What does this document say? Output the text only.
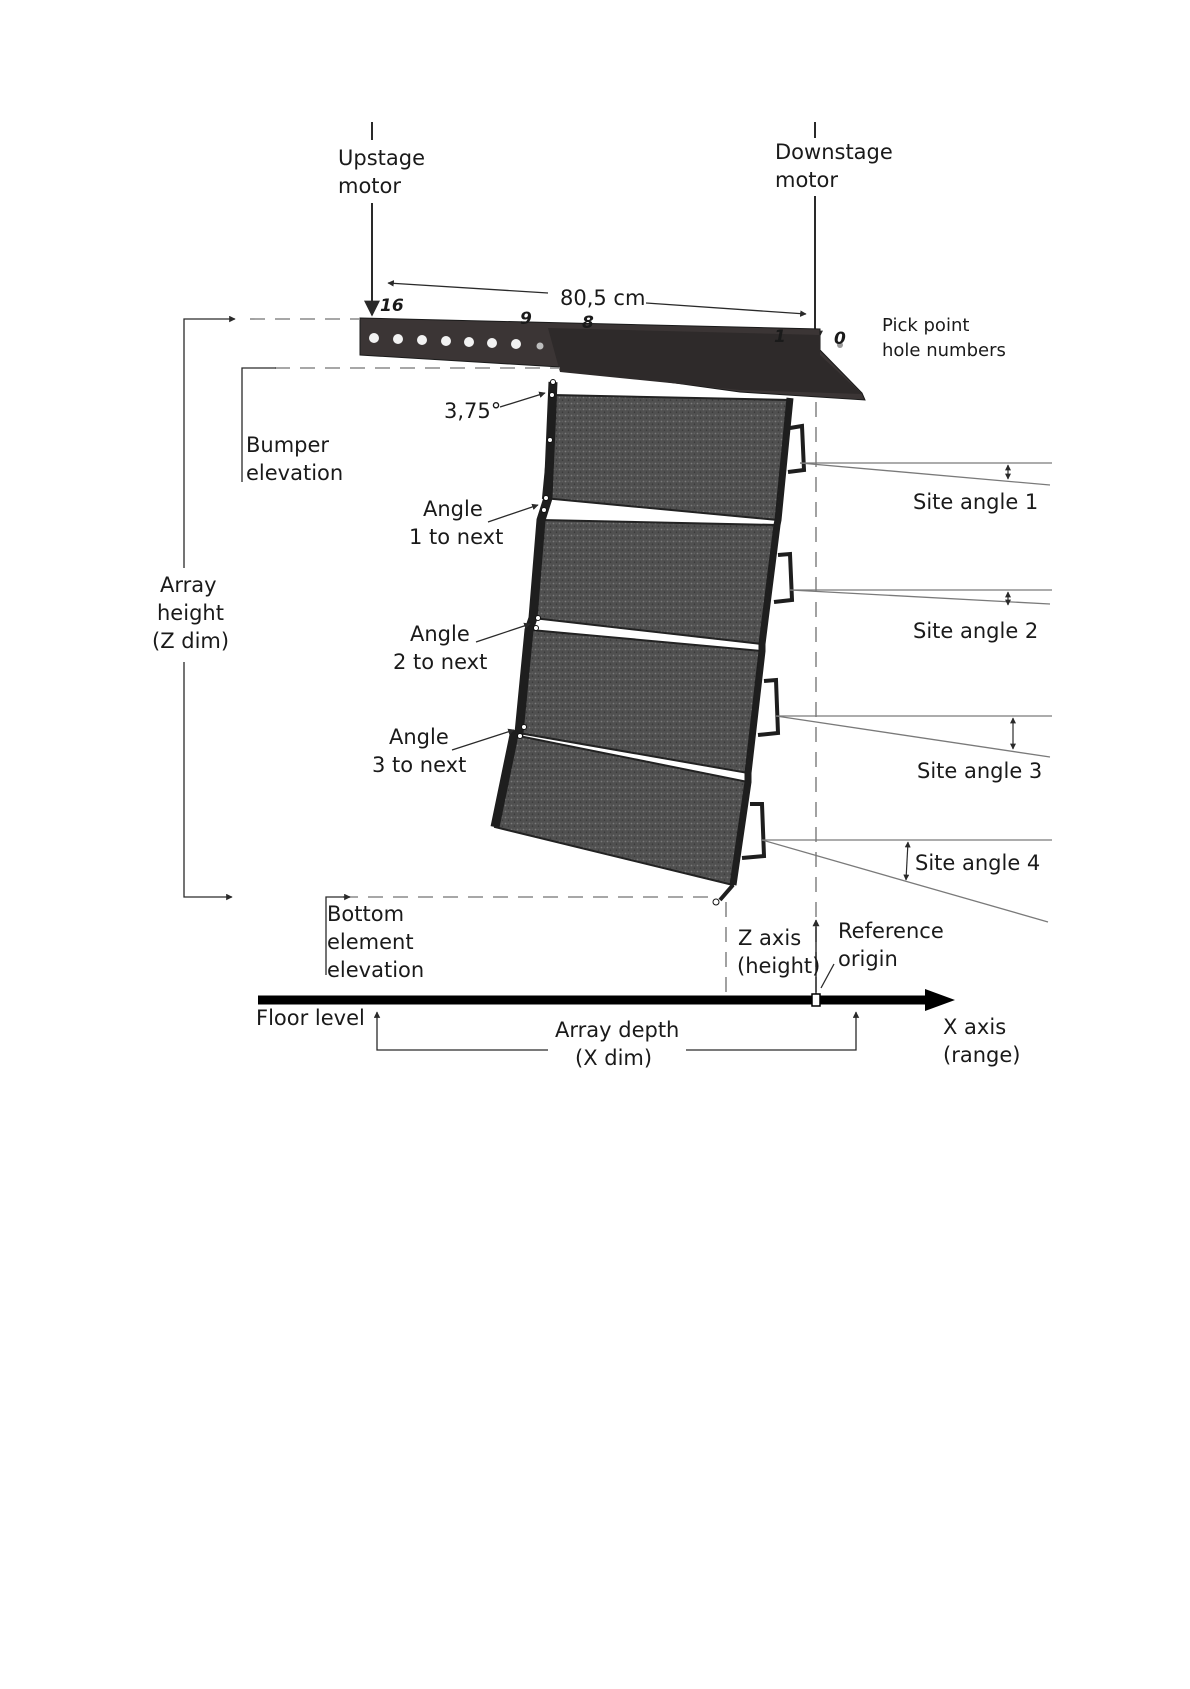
Upstage
motor
Downstage
motor
80,5 cm
16
9	8
1	0
Pick point
hole numbers
Bumper
elevation
Array
height
(Z dim)
3,75°
Angle
1 to next
Angle
2 to next
Angle
3 to next
Site angle 1
Site angle 2
Site angle 3
Site angle 4
Bottom
element
elevation
Z axis
(height)
Reference
origin
Floor level	X axis
(range)
Array depth
(X dim)
